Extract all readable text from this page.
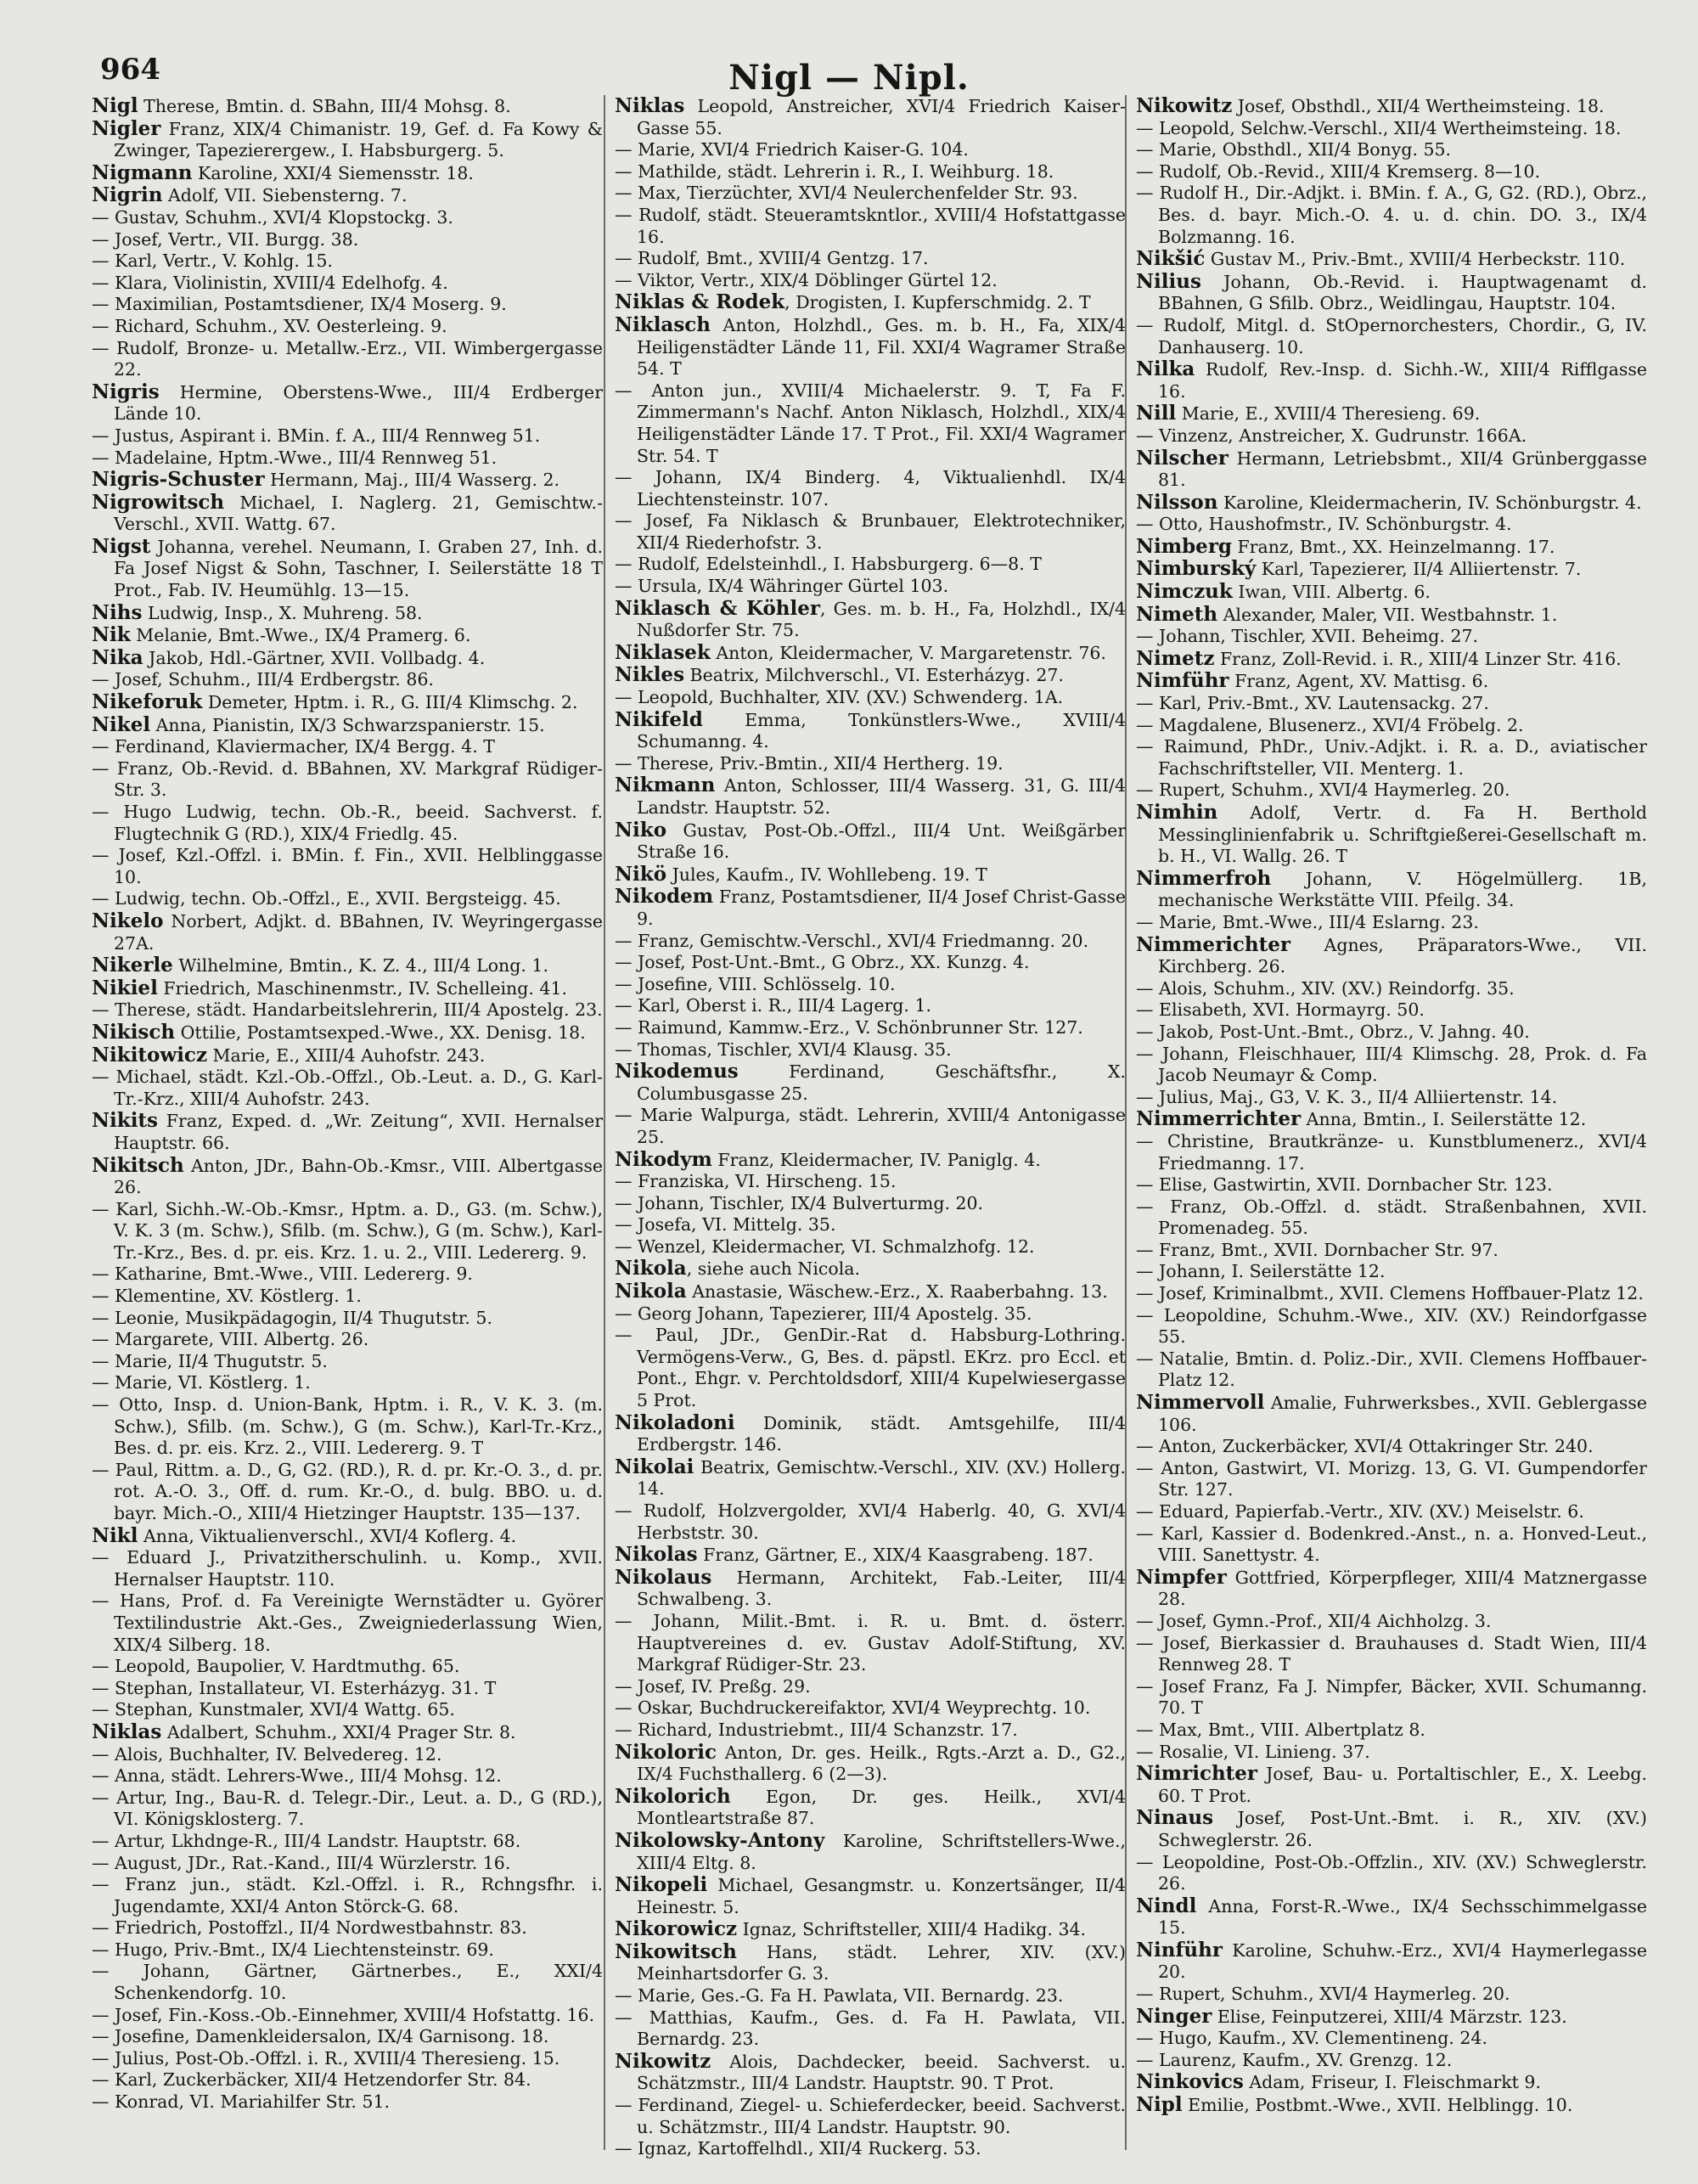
964	Nigl — Nipl.
Nigl Therese, Bmtin. d. SBahn, III/4 Mohsg. 8.
Nigler Franz, XIX/4 Chimanistr. 19, Gef. d. Fa Kowy & Zwinger, Tapezierergew., I. Habsburgerg. 5.
Nigmann Karoline, XXI/4 Siemensstr. 18.
Nigrin Adolf, VII. Siebensterng. 7.
— Gustav, Schuhm., XVI/4 Klopstockg. 3.
— Josef, Vertr., VII. Burgg. 38.
— Karl, Vertr., V. Kohlg. 15.
— Klara, Violinistin, XVIII/4 Edelhofg. 4.
— Maximilian, Postamtsdiener, IX/4 Moserg. 9.
— Richard, Schuhm., XV. Oesterleing. 9.
— Rudolf, Bronze- u. Metallw.-Erz., VII. Wimbergergasse 22.
Nigris Hermine, Oberstens-Wwe., III/4 Erdberger Lände 10.
— Justus, Aspirant i. BMin. f. A., III/4 Rennweg 51.
— Madelaine, Hptm.-Wwe., III/4 Rennweg 51.
Nigris-Schuster Hermann, Maj., III/4 Wasserg. 2.
Nigrowitsch Michael, I. Naglerg. 21, Gemischtw.-Verschl., XVII. Wattg. 67.
Nigst Johanna, verehel. Neumann, I. Graben 27, Inh. d. Fa Josef Nigst & Sohn, Taschner, I. Seilerstätte 18 T Prot., Fab. IV. Heumühlg. 13—15.
Nihs Ludwig, Insp., X. Muhreng. 58.
Nik Melanie, Bmt.-Wwe., IX/4 Pramerg. 6.
Nika Jakob, Hdl.-Gärtner, XVII. Vollbadg. 4.
— Josef, Schuhm., III/4 Erdbergstr. 86.
Nikeforuk Demeter, Hptm. i. R., G. III/4 Klimschg. 2.
Nikel Anna, Pianistin, IX/3 Schwarzspanierstr. 15.
— Ferdinand, Klaviermacher, IX/4 Bergg. 4. T
— Franz, Ob.-Revid. d. BBahnen, XV. Markgraf Rüdiger-Str. 3.
— Hugo Ludwig, techn. Ob.-R., beeid. Sachverst. f. Flugtechnik G (RD.), XIX/4 Friedlg. 45.
— Josef, Kzl.-Offzl. i. BMin. f. Fin., XVII. Helblinggasse 10.
— Ludwig, techn. Ob.-Offzl., E., XVII. Bergsteigg. 45.
Nikelo Norbert, Adjkt. d. BBahnen, IV. Weyringergasse 27A.
Nikerle Wilhelmine, Bmtin., K. Z. 4., III/4 Long. 1.
Nikiel Friedrich, Maschinenmstr., IV. Schelleing. 41.
— Therese, städt. Handarbeitslehrerin, III/4 Apostelg. 23.
Nikisch Ottilie, Postamtsexped.-Wwe., XX. Denisg. 18.
Nikitowicz Marie, E., XIII/4 Auhofstr. 243.
— Michael, städt. Kzl.-Ob.-Offzl., Ob.-Leut. a. D., G. Karl-Tr.-Krz., XIII/4 Auhofstr. 243.
Nikits Franz, Exped. d. „Wr. Zeitung“, XVII. Hernalser Hauptstr. 66.
Nikitsch Anton, JDr., Bahn-Ob.-Kmsr., VIII. Albertgasse 26.
— Karl, Sichh.-W.-Ob.-Kmsr., Hptm. a. D., G3. (m. Schw.), V. K. 3 (m. Schw.), Sfilb. (m. Schw.), G (m. Schw.), Karl-Tr.-Krz., Bes. d. pr. eis. Krz. 1. u. 2., VIII. Ledererg. 9.
— Katharine, Bmt.-Wwe., VIII. Ledererg. 9.
— Klementine, XV. Köstlerg. 1.
— Leonie, Musikpädagogin, II/4 Thugutstr. 5.
— Margarete, VIII. Albertg. 26.
— Marie, II/4 Thugutstr. 5.
— Marie, VI. Köstlerg. 1.
— Otto, Insp. d. Union-Bank, Hptm. i. R., V. K. 3. (m. Schw.), Sfilb. (m. Schw.), G (m. Schw.), Karl-Tr.-Krz., Bes. d. pr. eis. Krz. 2., VIII. Ledererg. 9. T
— Paul, Rittm. a. D., G, G2. (RD.), R. d. pr. Kr.-O. 3., d. pr. rot. A.-O. 3., Off. d. rum. Kr.-O., d. bulg. BBO. u. d. bayr. Mich.-O., XIII/4 Hietzinger Hauptstr. 135—137.
Nikl Anna, Viktualienverschl., XVI/4 Koflerg. 4.
— Eduard J., Privatzitherschulinh. u. Komp., XVII. Hernalser Hauptstr. 110.
— Hans, Prof. d. Fa Vereinigte Wernstädter u. Györer Textilindustrie Akt.-Ges., Zweigniederlassung Wien, XIX/4 Silberg. 18.
— Leopold, Baupolier, V. Hardtmuthg. 65.
— Stephan, Installateur, VI. Esterházyg. 31. T
— Stephan, Kunstmaler, XVI/4 Wattg. 65.
Niklas Adalbert, Schuhm., XXI/4 Prager Str. 8.
— Alois, Buchhalter, IV. Belvedereg. 12.
— Anna, städt. Lehrers-Wwe., III/4 Mohsg. 12.
— Artur, Ing., Bau-R. d. Telegr.-Dir., Leut. a. D., G (RD.), VI. Königsklosterg. 7.
— Artur, Lkhdnge-R., III/4 Landstr. Hauptstr. 68.
— August, JDr., Rat.-Kand., III/4 Würzlerstr. 16.
— Franz jun., städt. Kzl.-Offzl. i. R., Rchngsfhr. i. Jugendamte, XXI/4 Anton Störck-G. 68.
— Friedrich, Postoffzl., II/4 Nordwestbahnstr. 83.
— Hugo, Priv.-Bmt., IX/4 Liechtensteinstr. 69.
— Johann, Gärtner, Gärtnerbes., E., XXI/4 Schenkendorfg. 10.
— Josef, Fin.-Koss.-Ob.-Einnehmer, XVIII/4 Hofstattg. 16.
— Josefine, Damenkleidersalon, IX/4 Garnisong. 18.
— Julius, Post-Ob.-Offzl. i. R., XVIII/4 Theresieng. 15.
— Karl, Zuckerbäcker, XII/4 Hetzendorfer Str. 84.
— Konrad, VI. Mariahilfer Str. 51.
Niklas Leopold, Anstreicher, XVI/4 Friedrich Kaiser-Gasse 55.
— Marie, XVI/4 Friedrich Kaiser-G. 104.
— Mathilde, städt. Lehrerin i. R., I. Weihburg. 18.
— Max, Tierzüchter, XVI/4 Neulerchenfelder Str. 93.
— Rudolf, städt. Steueramtskntlor., XVIII/4 Hofstattgasse 16.
— Rudolf, Bmt., XVIII/4 Gentzg. 17.
— Viktor, Vertr., XIX/4 Döblinger Gürtel 12.
Niklas & Rodek, Drogisten, I. Kupferschmidg. 2. T
Niklasch Anton, Holzhdl., Ges. m. b. H., Fa, XIX/4 Heiligenstädter Lände 11, Fil. XXI/4 Wagramer Straße 54. T
— Anton jun., XVIII/4 Michaelerstr. 9. T, Fa F. Zimmermann's Nachf. Anton Niklasch, Holzhdl., XIX/4 Heiligenstädter Lände 17. T Prot., Fil. XXI/4 Wagramer Str. 54. T
— Johann, IX/4 Binderg. 4, Viktualienhdl. IX/4 Liechtensteinstr. 107.
— Josef, Fa Niklasch & Brunbauer, Elektrotechniker, XII/4 Riederhofstr. 3.
— Rudolf, Edelsteinhdl., I. Habsburgerg. 6—8. T
— Ursula, IX/4 Währinger Gürtel 103.
Niklasch & Köhler, Ges. m. b. H., Fa, Holzhdl., IX/4 Nußdorfer Str. 75.
Niklasek Anton, Kleidermacher, V. Margaretenstr. 76.
Nikles Beatrix, Milchverschl., VI. Esterházyg. 27.
— Leopold, Buchhalter, XIV. (XV.) Schwenderg. 1A.
Nikifeld Emma, Tonkünstlers-Wwe., XVIII/4 Schumanng. 4.
— Therese, Priv.-Bmtin., XII/4 Hertherg. 19.
Nikmann Anton, Schlosser, III/4 Wasserg. 31, G. III/4 Landstr. Hauptstr. 52.
Niko Gustav, Post-Ob.-Offzl., III/4 Unt. Weißgärber Straße 16.
Nikö Jules, Kaufm., IV. Wohllebeng. 19. T
Nikodem Franz, Postamtsdiener, II/4 Josef Christ-Gasse 9.
— Franz, Gemischtw.-Verschl., XVI/4 Friedmanng. 20.
— Josef, Post-Unt.-Bmt., G Obrz., XX. Kunzg. 4.
— Josefine, VIII. Schlösselg. 10.
— Karl, Oberst i. R., III/4 Lagerg. 1.
— Raimund, Kammw.-Erz., V. Schönbrunner Str. 127.
— Thomas, Tischler, XVI/4 Klausg. 35.
Nikodemus Ferdinand, Geschäftsfhr., X. Columbusgasse 25.
— Marie Walpurga, städt. Lehrerin, XVIII/4 Antonigasse 25.
Nikodym Franz, Kleidermacher, IV. Paniglg. 4.
— Franziska, VI. Hirscheng. 15.
— Johann, Tischler, IX/4 Bulverturmg. 20.
— Josefa, VI. Mittelg. 35.
— Wenzel, Kleidermacher, VI. Schmalzhofg. 12.
Nikola, siehe auch Nicola.
Nikola Anastasie, Wäschew.-Erz., X. Raaberbahng. 13.
— Georg Johann, Tapezierer, III/4 Apostelg. 35.
— Paul, JDr., GenDir.-Rat d. Habsburg-Lothring. Vermögens-Verw., G, Bes. d. päpstl. EKrz. pro Eccl. et Pont., Ehgr. v. Perchtoldsdorf, XIII/4 Kupelwiesergasse 5 Prot.
Nikoladoni Dominik, städt. Amtsgehilfe, III/4 Erdbergstr. 146.
Nikolai Beatrix, Gemischtw.-Verschl., XIV. (XV.) Hollerg. 14.
— Rudolf, Holzvergolder, XVI/4 Haberlg. 40, G. XVI/4 Herbststr. 30.
Nikolas Franz, Gärtner, E., XIX/4 Kaasgrabeng. 187.
Nikolaus Hermann, Architekt, Fab.-Leiter, III/4 Schwalbeng. 3.
— Johann, Milit.-Bmt. i. R. u. Bmt. d. österr. Hauptvereines d. ev. Gustav Adolf-Stiftung, XV. Markgraf Rüdiger-Str. 23.
— Josef, IV. Preßg. 29.
— Oskar, Buchdruckereifaktor, XVI/4 Weyprechtg. 10.
— Richard, Industriebmt., III/4 Schanzstr. 17.
Nikoloric Anton, Dr. ges. Heilk., Rgts.-Arzt a. D., G2., IX/4 Fuchsthallerg. 6 (2—3).
Nikolorich Egon, Dr. ges. Heilk., XVI/4 Montleartstraße 87.
Nikolowsky-Antony Karoline, Schriftstellers-Wwe., XIII/4 Eltg. 8.
Nikopeli Michael, Gesangmstr. u. Konzertsänger, II/4 Heinestr. 5.
Nikorowicz Ignaz, Schriftsteller, XIII/4 Hadikg. 34.
Nikowitsch Hans, städt. Lehrer, XIV. (XV.) Meinhartsdorfer G. 3.
— Marie, Ges.-G. Fa H. Pawlata, VII. Bernardg. 23.
— Matthias, Kaufm., Ges. d. Fa H. Pawlata, VII. Bernardg. 23.
Nikowitz Alois, Dachdecker, beeid. Sachverst. u. Schätzmstr., III/4 Landstr. Hauptstr. 90. T Prot.
— Ferdinand, Ziegel- u. Schieferdecker, beeid. Sachverst. u. Schätzmstr., III/4 Landstr. Hauptstr. 90.
— Ignaz, Kartoffelhdl., XII/4 Ruckerg. 53.
Nikowitz Josef, Obsthdl., XII/4 Wertheimsteing. 18.
— Leopold, Selchw.-Verschl., XII/4 Wertheimsteing. 18.
— Marie, Obsthdl., XII/4 Bonyg. 55.
— Rudolf, Ob.-Revid., XIII/4 Kremserg. 8—10.
— Rudolf H., Dir.-Adjkt. i. BMin. f. A., G, G2. (RD.), Obrz., Bes. d. bayr. Mich.-O. 4. u. d. chin. DO. 3., IX/4 Bolzmanng. 16.
Nikšić Gustav M., Priv.-Bmt., XVIII/4 Herbeckstr. 110.
Nilius Johann, Ob.-Revid. i. Hauptwagenamt d. BBahnen, G Sfilb. Obrz., Weidlingau, Hauptstr. 104.
— Rudolf, Mitgl. d. StOpernorchesters, Chordir., G, IV. Danhauserg. 10.
Nilka Rudolf, Rev.-Insp. d. Sichh.-W., XIII/4 Rifflgasse 16.
Nill Marie, E., XVIII/4 Theresieng. 69.
— Vinzenz, Anstreicher, X. Gudrunstr. 166A.
Nilscher Hermann, Letriebsbmt., XII/4 Grünberggasse 81.
Nilsson Karoline, Kleidermacherin, IV. Schönburgstr. 4.
— Otto, Haushofmstr., IV. Schönburgstr. 4.
Nimberg Franz, Bmt., XX. Heinzelmanng. 17.
Nimburský Karl, Tapezierer, II/4 Alliiertenstr. 7.
Nimczuk Iwan, VIII. Albertg. 6.
Nimeth Alexander, Maler, VII. Westbahnstr. 1.
— Johann, Tischler, XVII. Beheimg. 27.
Nimetz Franz, Zoll-Revid. i. R., XIII/4 Linzer Str. 416.
Nimführ Franz, Agent, XV. Mattisg. 6.
— Karl, Priv.-Bmt., XV. Lautensackg. 27.
— Magdalene, Blusenerz., XVI/4 Fröbelg. 2.
— Raimund, PhDr., Univ.-Adjkt. i. R. a. D., aviatischer Fachschriftsteller, VII. Menterg. 1.
— Rupert, Schuhm., XVI/4 Haymerleg. 20.
Nimhin Adolf, Vertr. d. Fa H. Berthold Messinglinienfabrik u. Schriftgießerei-Gesellschaft m. b. H., VI. Wallg. 26. T
Nimmerfroh Johann, V. Högelmüllerg. 1B, mechanische Werkstätte VIII. Pfeilg. 34.
— Marie, Bmt.-Wwe., III/4 Eslarng. 23.
Nimmerichter Agnes, Präparators-Wwe., VII. Kirchberg. 26.
— Alois, Schuhm., XIV. (XV.) Reindorfg. 35.
— Elisabeth, XVI. Hormayrg. 50.
— Jakob, Post-Unt.-Bmt., Obrz., V. Jahng. 40.
— Johann, Fleischhauer, III/4 Klimschg. 28, Prok. d. Fa Jacob Neumayr & Comp.
— Julius, Maj., G3, V. K. 3., II/4 Alliiertenstr. 14.
Nimmerrichter Anna, Bmtin., I. Seilerstätte 12.
— Christine, Brautkränze- u. Kunstblumenerz., XVI/4 Friedmanng. 17.
— Elise, Gastwirtin, XVII. Dornbacher Str. 123.
— Franz, Ob.-Offzl. d. städt. Straßenbahnen, XVII. Promenadeg. 55.
— Franz, Bmt., XVII. Dornbacher Str. 97.
— Johann, I. Seilerstätte 12.
— Josef, Kriminalbmt., XVII. Clemens Hoffbauer-Platz 12.
— Leopoldine, Schuhm.-Wwe., XIV. (XV.) Reindorfgasse 55.
— Natalie, Bmtin. d. Poliz.-Dir., XVII. Clemens Hoffbauer-Platz 12.
Nimmervoll Amalie, Fuhrwerksbes., XVII. Geblergasse 106.
— Anton, Zuckerbäcker, XVI/4 Ottakringer Str. 240.
— Anton, Gastwirt, VI. Morizg. 13, G. VI. Gumpendorfer Str. 127.
— Eduard, Papierfab.-Vertr., XIV. (XV.) Meiselstr. 6.
— Karl, Kassier d. Bodenkred.-Anst., n. a. Honved-Leut., VIII. Sanettystr. 4.
Nimpfer Gottfried, Körperpfleger, XIII/4 Matznergasse 28.
— Josef, Gymn.-Prof., XII/4 Aichholzg. 3.
— Josef, Bierkassier d. Brauhauses d. Stadt Wien, III/4 Rennweg 28. T
— Josef Franz, Fa J. Nimpfer, Bäcker, XVII. Schumanng. 70. T
— Max, Bmt., VIII. Albertplatz 8.
— Rosalie, VI. Linieng. 37.
Nimrichter Josef, Bau- u. Portaltischler, E., X. Leebg. 60. T Prot.
Ninaus Josef, Post-Unt.-Bmt. i. R., XIV. (XV.) Schweglerstr. 26.
— Leopoldine, Post-Ob.-Offzlin., XIV. (XV.) Schweglerstr. 26.
Nindl Anna, Forst-R.-Wwe., IX/4 Sechsschimmelgasse 15.
Ninführ Karoline, Schuhw.-Erz., XVI/4 Haymerlegasse 20.
— Rupert, Schuhm., XVI/4 Haymerleg. 20.
Ninger Elise, Feinputzerei, XIII/4 Märzstr. 123.
— Hugo, Kaufm., XV. Clementineng. 24.
— Laurenz, Kaufm., XV. Grenzg. 12.
Ninkovics Adam, Friseur, I. Fleischmarkt 9.
Nipl Emilie, Postbmt.-Wwe., XVII. Helblingg. 10.
